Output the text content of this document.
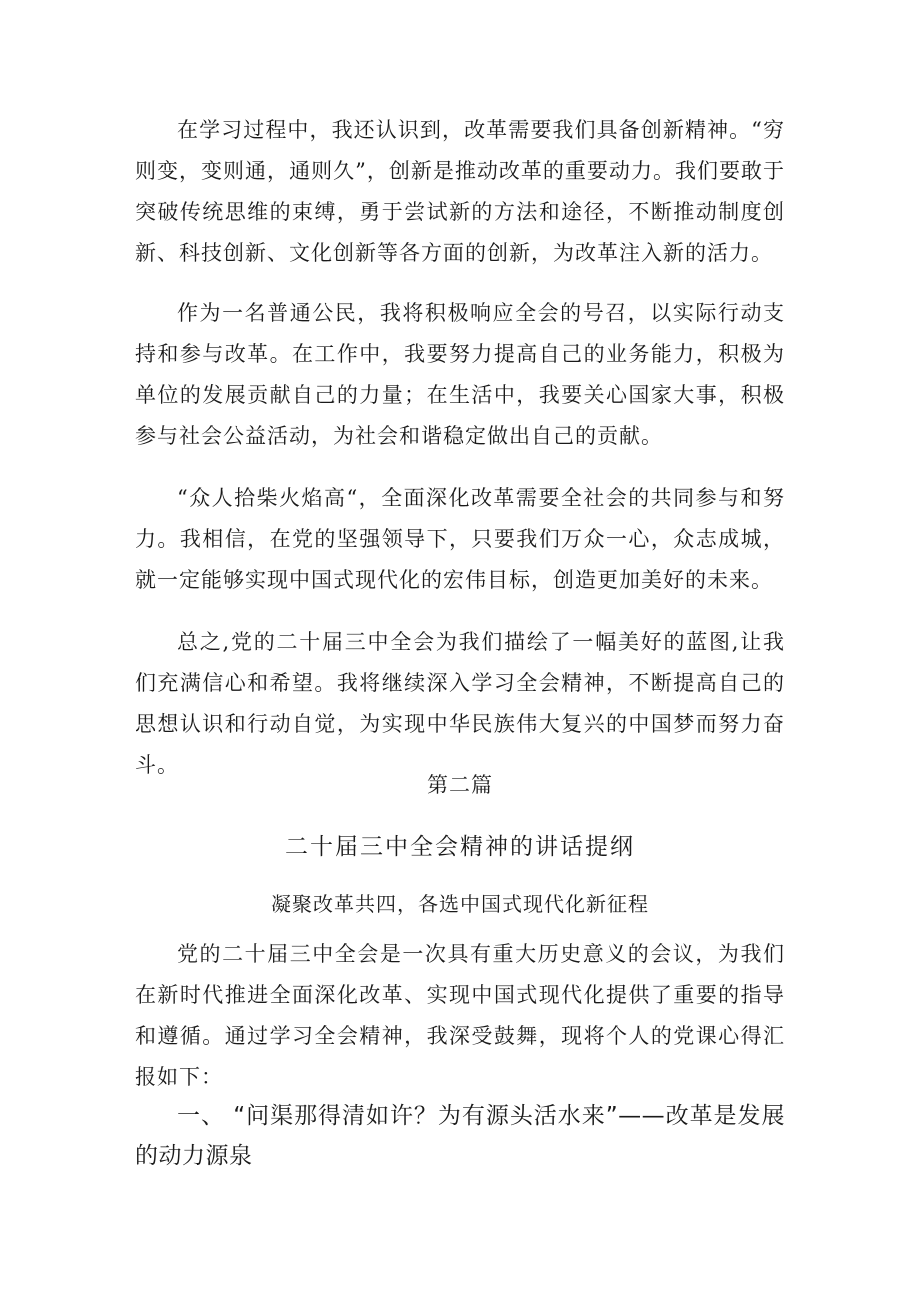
在学习过程中，我还认识到，改革需要我们具备创新精神。“穷则变，变则通，通则久”，创新是推动改革的重要动力。我们要敢于突破传统思维的束缚，勇于尝试新的方法和途径，不断推动制度创新、科技创新、文化创新等各方面的创新，为改革注入新的活力。

作为一名普通公民，我将积极响应全会的号召，以实际行动支持和参与改革。在工作中，我要努力提高自己的业务能力，积极为单位的发展贡献自己的力量；在生活中，我要关心国家大事，积极参与社会公益活动，为社会和谐稳定做出自己的贡献。

“众人拾柴火焰高“，全面深化改革需要全社会的共同参与和努力。我相信，在党的坚强领导下，只要我们万众一心，众志成城，就一定能够实现中国式现代化的宏伟目标，创造更加美好的未来。

总之,党的二十届三中全会为我们描绘了一幅美好的蓝图,让我们充满信心和希望。我将继续深入学习全会精神，不断提高自己的思想认识和行动自觉，为实现中华民族伟大复兴的中国梦而努力奋斗。

第二篇

二十届三中全会精神的讲话提纲

凝聚改革共四，各选中国式现代化新征程

党的二十届三中全会是一次具有重大历史意义的会议，为我们在新时代推进全面深化改革、实现中国式现代化提供了重要的指导和遵循。通过学习全会精神，我深受鼓舞，现将个人的党课心得汇报如下：

一、 “问渠那得清如许？为有源头活水来”——改革是发展的动力源泉
